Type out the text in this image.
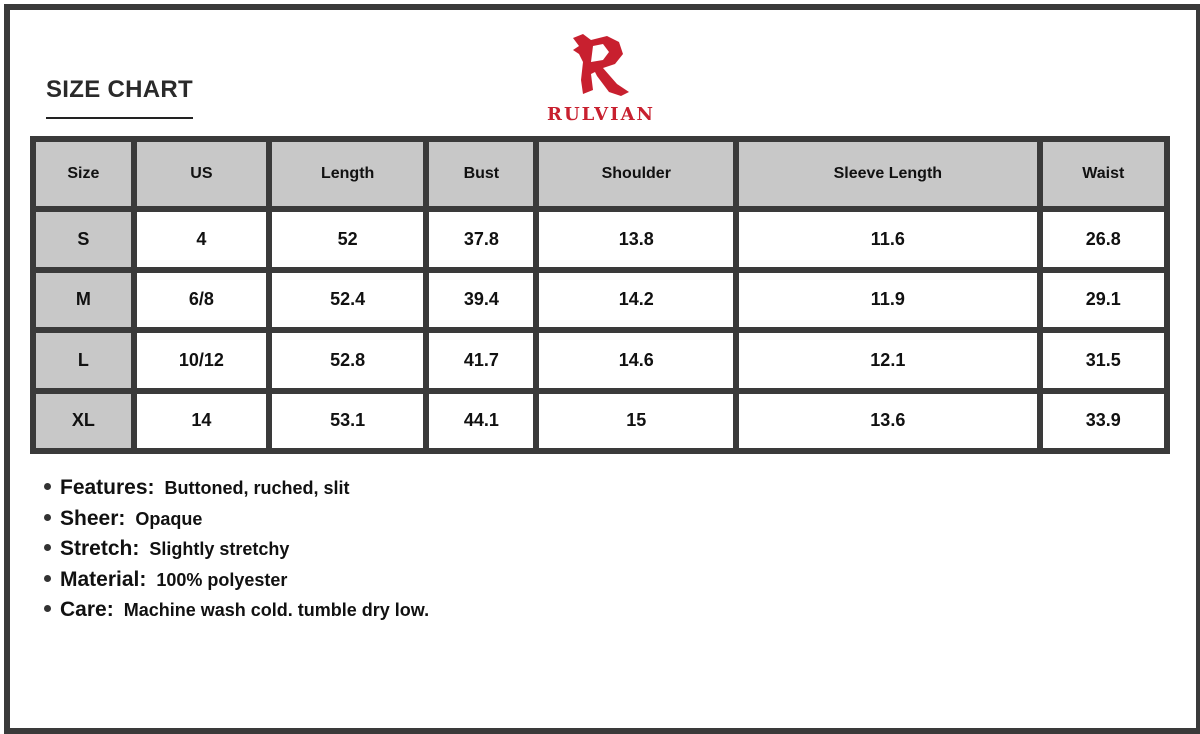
SIZE CHART
RULVIAN
Size	US	Length	Bust	Shoulder	Sleeve Length	Waist
S	4	52	37.8	13.8	11.6	26.8
M	6/8	52.4	39.4	14.2	11.9	29.1
L	10/12	52.8	41.7	14.6	12.1	31.5
XL	14	53.1	44.1	15	13.6	33.9
Features: Buttoned, ruched, slit
Sheer: Opaque
Stretch: Slightly stretchy
Material: 100% polyester
Care: Machine wash cold. tumble dry low.
